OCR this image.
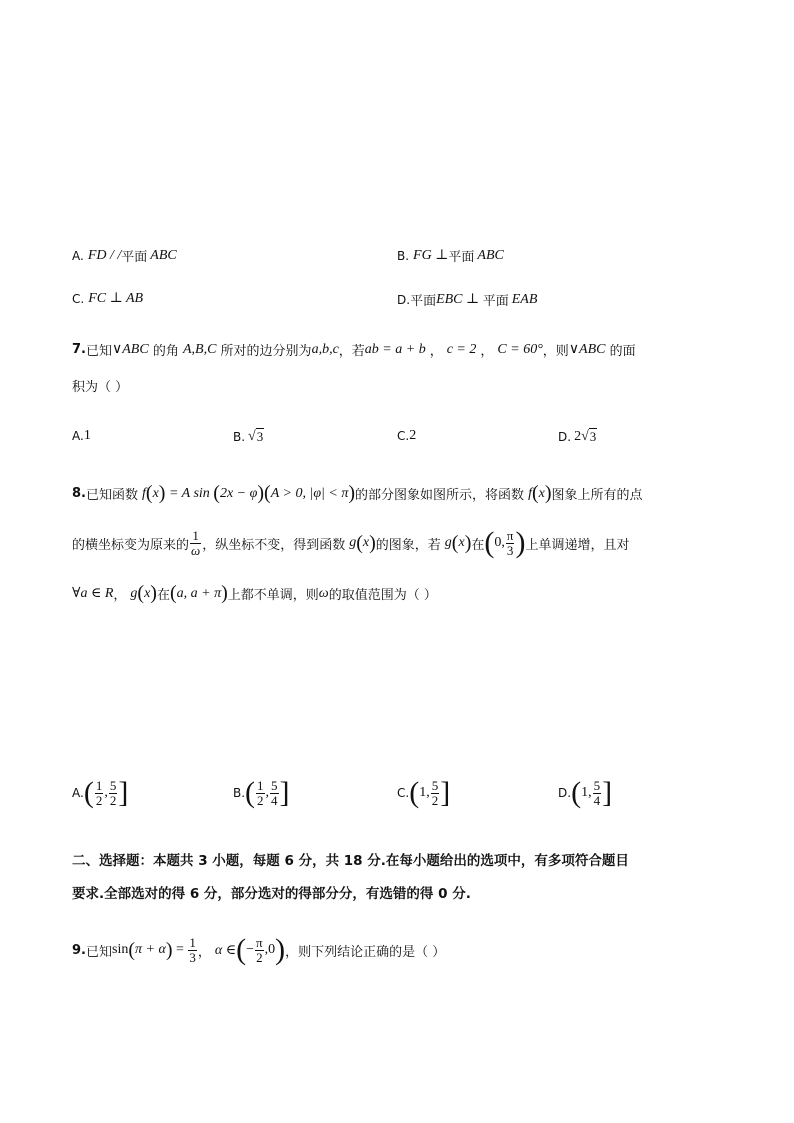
A. FD / / 平面 ABC	B. FG ⊥ 平面 ABC
C. FC ⊥ AB	D. 平面 EBC ⊥ 平面 EAB
7. 已知 ∨ABC 的角 A,B,C 所对的边分别为 a,b,c ，若 ab = a + b ， c = 2 ， C = 60° ，则 ∨ABC 的面
积为（ ）
A. 1	B. √ 3	C. 2	D. 2 √ 3
8. 已知函数 f ( x ) = A sin ( 2x − φ ) ( A > 0, |φ| < π ) 的部分图象如图所示，将函数 f ( x ) 图象上所有的点
的横坐标变为原来的 $\frac{1}{\omega}$ ，纵坐标不变，得到函数 g ( x ) 的图象，若 g ( x ) 在 ( 0, $\frac{\pi}{3}$ ) 上单调递增，且对
∀a ∈ R ， g ( x ) 在 ( a, a + π ) 上都不单调，则 ω 的取值范围为（ ）
A. ( $\frac{1}{2}$ , $\frac{5}{2}$ ]	B. ( $\frac{1}{2}$ , $\frac{5}{4}$ ]	C. ( 1, $\frac{5}{2}$ ]	D. ( 1, $\frac{5}{4}$ ]
二、选择题：本题共 3 小题，每题 6 分，共 18 分.在每小题给出的选项中，有多项符合题目
要求.全部选对的得 6 分，部分选对的得部分分，有选错的得 0 分.
9. 已知 sin ( π + α ) = $\frac{1}{3}$ ， α ∈ ( − $\frac{\pi}{2} ,0$ ) ，则下列结论正确的是（ ）
